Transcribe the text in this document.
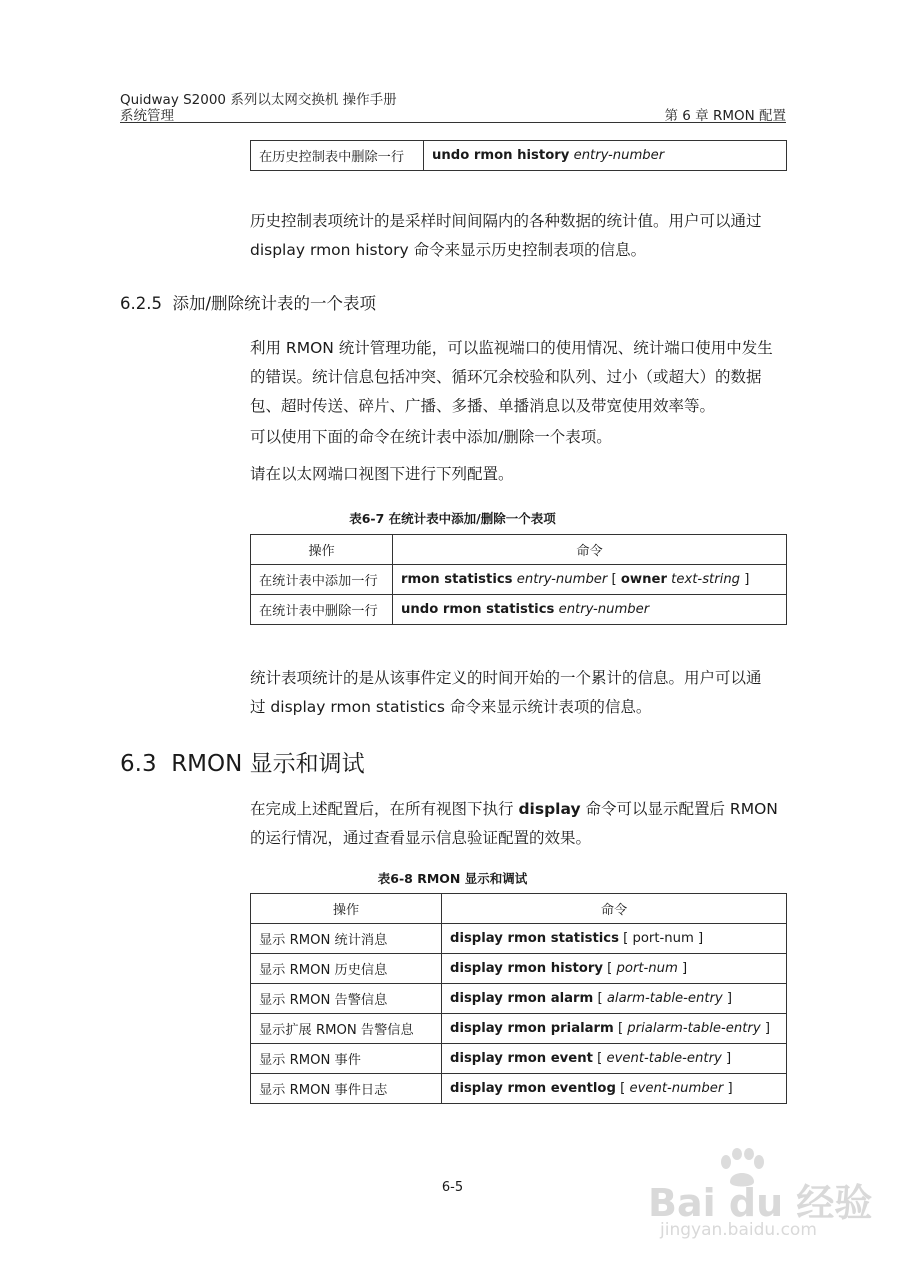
Quidway S2000 系列以太网交换机 操作手册
系统管理	第 6 章 RMON 配置
在历史控制表中删除一行	undo rmon history entry-number
历史控制表项统计的是采样时间间隔内的各种数据的统计值。用户可以通过
display rmon history 命令来显示历史控制表项的信息。
6.2.5 添加/删除统计表的一个表项
利用 RMON 统计管理功能，可以监视端口的使用情况、统计端口使用中发生
的错误。统计信息包括冲突、循环冗余校验和队列、过小（或超大）的数据
包、超时传送、碎片、广播、多播、单播消息以及带宽使用效率等。
可以使用下面的命令在统计表中添加/删除一个表项。
请在以太网端口视图下进行下列配置。
表6-7 在统计表中添加/删除一个表项
操作	命令
在统计表中添加一行	rmon statistics entry-number [ owner text-string ]
在统计表中删除一行	undo rmon statistics entry-number
统计表项统计的是从该事件定义的时间开始的一个累计的信息。用户可以通
过 display rmon statistics 命令来显示统计表项的信息。
6.3 RMON 显示和调试
在完成上述配置后，在所有视图下执行 display 命令可以显示配置后 RMON
的运行情况，通过查看显示信息验证配置的效果。
表6-8 RMON 显示和调试
操作	命令
显示 RMON 统计消息	display rmon statistics [ port-num ]
显示 RMON 历史信息	display rmon history [ port-num ]
显示 RMON 告警信息	display rmon alarm [ alarm-table-entry ]
显示扩展 RMON 告警信息	display rmon prialarm [ prialarm-table-entry ]
显示 RMON 事件	display rmon event [ event-table-entry ]
显示 RMON 事件日志	display rmon eventlog [ event-number ]
6-5	Bai du 经验
jingyan.baidu.com
